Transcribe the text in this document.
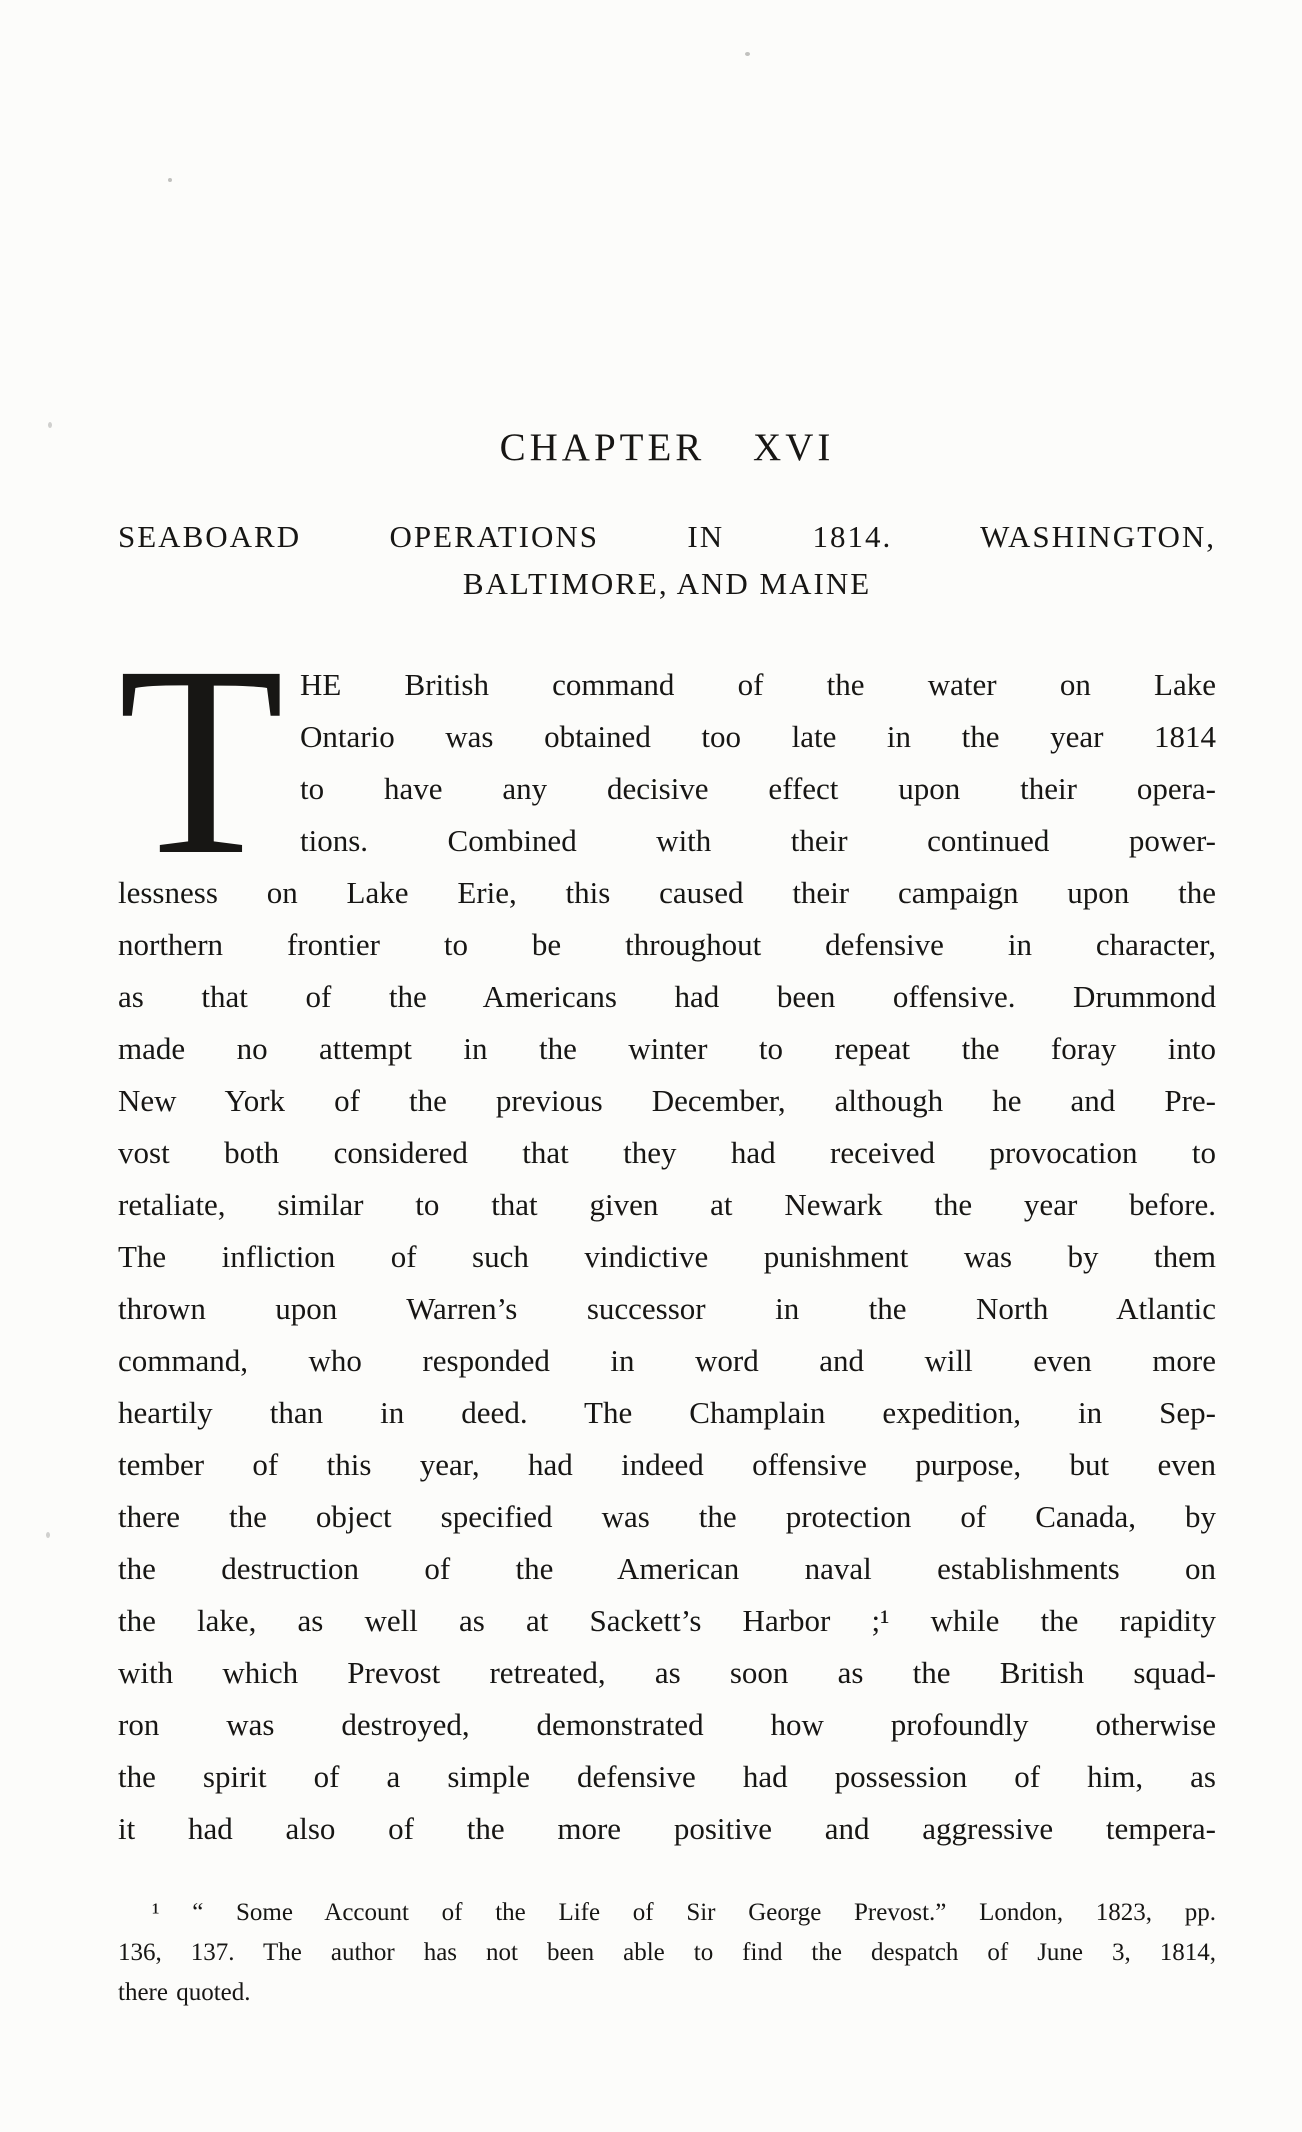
CHAPTER XVI
SEABOARD OPERATIONS IN 1814. WASHINGTON,
BALTIMORE, AND MAINE
T HE British command of the water on Lake
Ontario was obtained too late in the year 1814
to have any decisive effect upon their opera-
tions. Combined with their continued power-
lessness on Lake Erie, this caused their campaign upon the
northern frontier to be throughout defensive in character,
as that of the Americans had been offensive. Drummond
made no attempt in the winter to repeat the foray into
New York of the previous December, although he and Pre-
vost both considered that they had received provocation to
retaliate, similar to that given at Newark the year before.
The infliction of such vindictive punishment was by them
thrown upon Warren’s successor in the North Atlantic
command, who responded in word and will even more
heartily than in deed. The Champlain expedition, in Sep-
tember of this year, had indeed offensive purpose, but even
there the object specified was the protection of Canada, by
the destruction of the American naval establishments on
the lake, as well as at Sackett’s Harbor ;¹ while the rapidity
with which Prevost retreated, as soon as the British squad-
ron was destroyed, demonstrated how profoundly otherwise
the spirit of a simple defensive had possession of him, as
it had also of the more positive and aggressive tempera-
¹ “ Some Account of the Life of Sir George Prevost.” London, 1823, pp.
136, 137. The author has not been able to find the despatch of June 3, 1814,
there quoted.
